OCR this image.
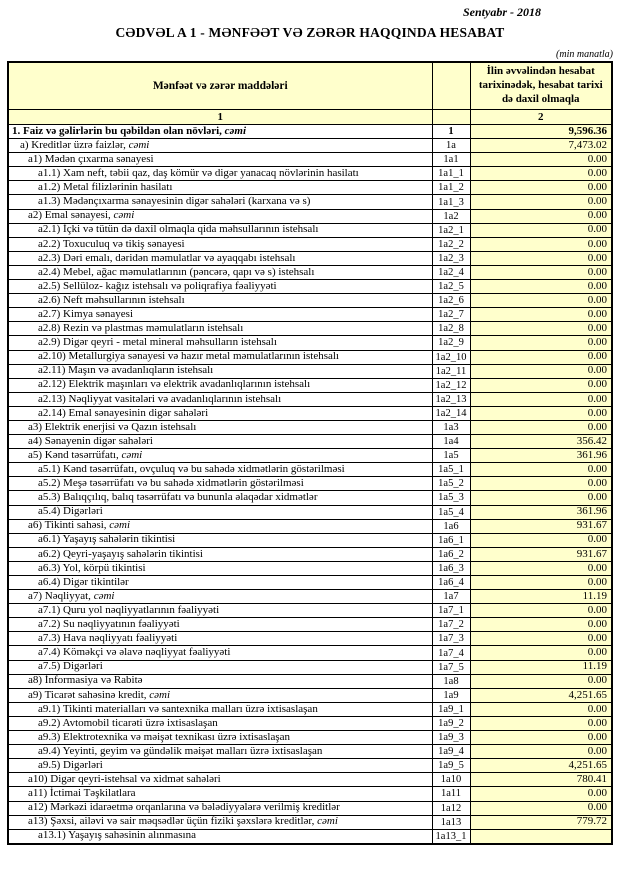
Sentyabr - 2018
CƏDVƏL A 1 - MƏNFƏƏT VƏ ZƏRƏR HAQQINDA HESABAT
(min manatla)
Mənfəət və zərər maddələri		İlin əvvəlindən hesabat tarixinədək, hesabat tarixi də daxil olmaqla
1		2
1. Faiz və gəlirlərin bu qəbildən olan növləri, cəmi	1	9,596.36
a) Kreditlər üzrə faizlər, cəmi	1a	7,473.02
a1) Mədən çıxarma sənayesi	1a1	0.00
a1.1) Xam neft, təbii qaz, daş kömür və digər yanacaq növlərinin hasilatı	1a1_1	0.00
a1.2) Metal filizlərinin hasilatı	1a1_2	0.00
a1.3) Mədənçıxarma sənayesinin digər sahələri (karxana və s)	1a1_3	0.00
a2) Emal sənayesi, cəmi	1a2	0.00
a2.1) İçki və tütün də daxil olmaqla qida məhsullarının istehsalı	1a2_1	0.00
a2.2) Toxuculuq və tikiş sənayesi	1a2_2	0.00
a2.3) Dəri emalı, dəridən məmulatlar və ayaqqabı istehsalı	1a2_3	0.00
a2.4) Mebel, ağac məmulatlarının (pəncərə, qapı və s) istehsalı	1a2_4	0.00
a2.5) Sellüloz- kağız istehsalı və poliqrafiya fəaliyyəti	1a2_5	0.00
a2.6) Neft məhsullarının istehsalı	1a2_6	0.00
a2.7) Kimya sənayesi	1a2_7	0.00
a2.8) Rezin və plastmas məmulatların istehsalı	1a2_8	0.00
a2.9) Digər qeyri - metal mineral məhsulların istehsalı	1a2_9	0.00
a2.10) Metallurgiya sənayesi və hazır metal məmulatlarının istehsalı	1a2_10	0.00
a2.11) Maşın və avadanlıqların istehsalı	1a2_11	0.00
a2.12) Elektrik maşınları və elektrik avadanlıqlarının istehsalı	1a2_12	0.00
a2.13) Nəqliyyat vasitələri və avadanlıqlarının istehsalı	1a2_13	0.00
a2.14) Emal sənayesinin digər sahələri	1a2_14	0.00
a3) Elektrik enerjisi və Qazın istehsalı	1a3	0.00
a4) Sənayenin digər sahələri	1a4	356.42
a5) Kənd təsərrüfatı, cəmi	1a5	361.96
a5.1) Kənd təsərrüfatı, ovçuluq və bu sahədə xidmətlərin göstərilməsi	1a5_1	0.00
a5.2) Meşə təsərrüfatı və bu sahədə xidmətlərin göstərilməsi	1a5_2	0.00
a5.3) Balıqçılıq, balıq təsərrüfatı və bununla əlaqədar xidmətlər	1a5_3	0.00
a5.4) Digərləri	1a5_4	361.96
a6) Tikinti sahəsi, cəmi	1a6	931.67
a6.1) Yaşayış sahələrin tikintisi	1a6_1	0.00
a6.2) Qeyri-yaşayış sahələrin tikintisi	1a6_2	931.67
a6.3) Yol, körpü tikintisi	1a6_3	0.00
a6.4) Digər tikintilər	1a6_4	0.00
a7) Nəqliyyat, cəmi	1a7	11.19
a7.1) Quru yol nəqliyyatlarının fəaliyyəti	1a7_1	0.00
a7.2) Su nəqliyyatının fəaliyyəti	1a7_2	0.00
a7.3) Hava nəqliyyatı fəaliyyəti	1a7_3	0.00
a7.4) Köməkçi və əlavə nəqliyyat fəaliyyəti	1a7_4	0.00
a7.5) Digərləri	1a7_5	11.19
a8) İnformasiya və Rabitə	1a8	0.00
a9) Ticarət sahəsinə kredit, cəmi	1a9	4,251.65
a9.1) Tikinti materialları və santexnika malları üzrə ixtisaslaşan	1a9_1	0.00
a9.2) Avtomobil ticarəti üzrə ixtisaslaşan	1a9_2	0.00
a9.3) Elektrotexnika və məişət texnikası üzrə ixtisaslaşan	1a9_3	0.00
a9.4) Yeyinti, geyim və gündəlik məişət malları üzrə ixtisaslaşan	1a9_4	0.00
a9.5) Digərləri	1a9_5	4,251.65
a10) Digər qeyri-istehsal və xidmət sahələri	1a10	780.41
a11) İctimai Təşkilatlara	1a11	0.00
a12) Mərkəzi idarəetmə orqanlarına və bələdiyyələrə verilmiş kreditlər	1a12	0.00
a13) Şəxsi, ailəvi və sair məqsədlər üçün fiziki şəxslərə kreditlər, cəmi	1a13	779.72
a13.1) Yaşayış sahəsinin alınmasına	1a13_1	
